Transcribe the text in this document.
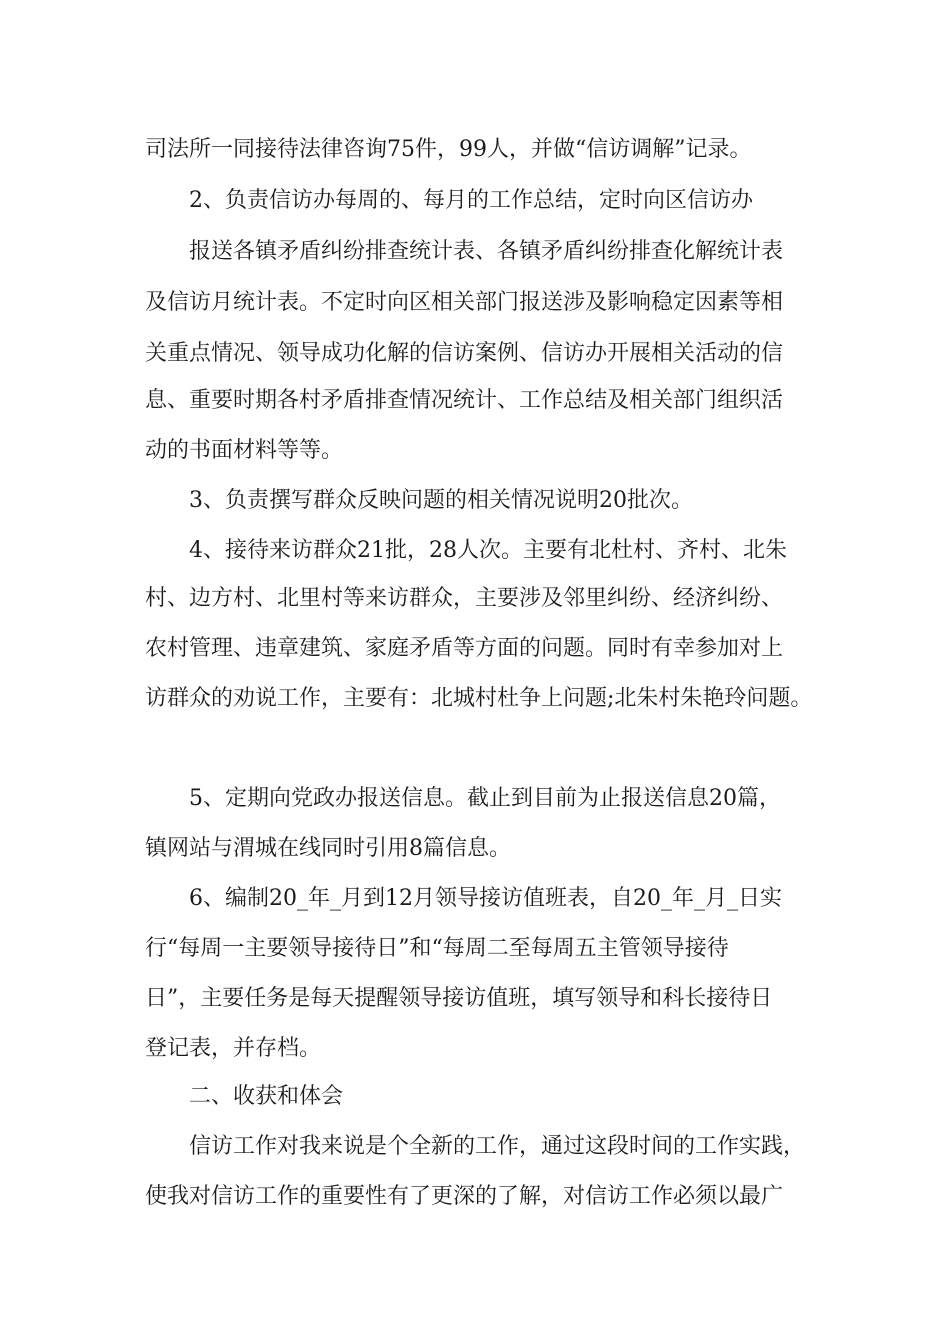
司法所一同接待法律咨询75件，99人，并做“信访调解”记录。
2、负责信访办每周的、每月的工作总结，定时向区信访办
报送各镇矛盾纠纷排查统计表、各镇矛盾纠纷排查化解统计表
及信访月统计表。不定时向区相关部门报送涉及影响稳定因素等相
关重点情况、领导成功化解的信访案例、信访办开展相关活动的信
息、重要时期各村矛盾排查情况统计、工作总结及相关部门组织活
动的书面材料等等。
3、负责撰写群众反映问题的相关情况说明20批次。
4、接待来访群众21批，28人次。主要有北杜村、齐村、北朱
村、边方村、北里村等来访群众，主要涉及邻里纠纷、经济纠纷、
农村管理、违章建筑、家庭矛盾等方面的问题。同时有幸参加对上
访群众的劝说工作，主要有：北城村杜争上问题;北朱村朱艳玲问题。
5、定期向党政办报送信息。截止到目前为止报送信息20篇，
镇网站与渭城在线同时引用8篇信息。
6、编制20_年_月到12月领导接访值班表，自20_年_月_日实
行“每周一主要领导接待日”和“每周二至每周五主管领导接待
日”，主要任务是每天提醒领导接访值班，填写领导和科长接待日
登记表，并存档。
二、收获和体会
信访工作对我来说是个全新的工作，通过这段时间的工作实践，
使我对信访工作的重要性有了更深的了解，对信访工作必须以最广
